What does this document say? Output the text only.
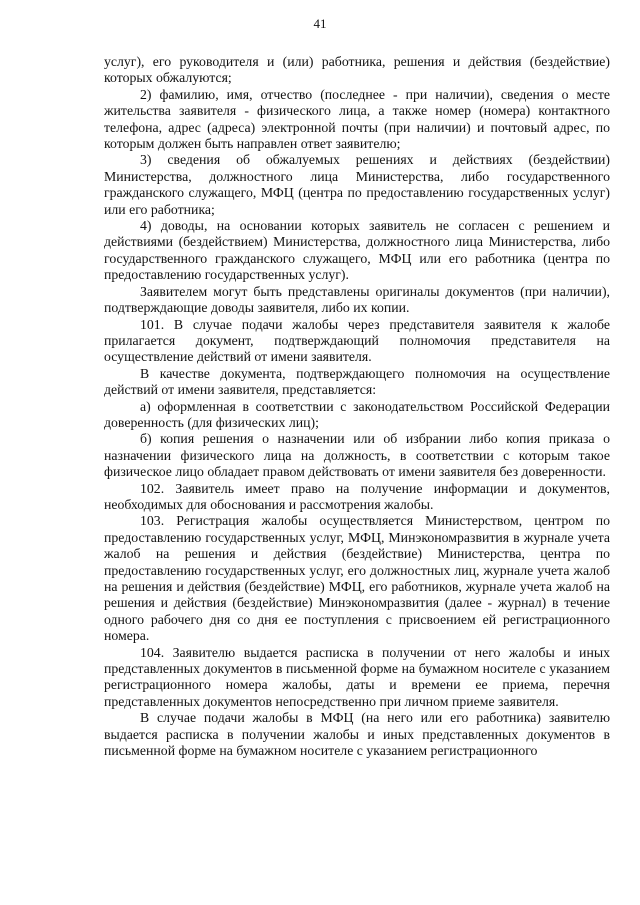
41

услуг), его руководителя и (или) работника, решения и действия (бездействие) которых обжалуются;

2) фамилию, имя, отчество (последнее - при наличии), сведения о месте жительства заявителя - физического лица, а также номер (номера) контактного телефона, адрес (адреса) электронной почты (при наличии) и почтовый адрес, по которым должен быть направлен ответ заявителю;

3) сведения об обжалуемых решениях и действиях (бездействии) Министерства, должностного лица Министерства, либо государственного гражданского служащего, МФЦ (центра по предоставлению государственных услуг) или его работника;

4) доводы, на основании которых заявитель не согласен с решением и действиями (бездействием) Министерства, должностного лица Министерства, либо государственного гражданского служащего, МФЦ или его работника (центра по предоставлению государственных услуг).

Заявителем могут быть представлены оригиналы документов (при наличии), подтверждающие доводы заявителя, либо их копии.

101. В случае подачи жалобы через представителя заявителя к жалобе прилагается документ, подтверждающий полномочия представителя на осуществление действий от имени заявителя.

В качестве документа, подтверждающего полномочия на осуществление действий от имени заявителя, представляется:

а) оформленная в соответствии с законодательством Российской Федерации доверенность (для физических лиц);

б) копия решения о назначении или об избрании либо копия приказа о назначении физического лица на должность, в соответствии с которым такое физическое лицо обладает правом действовать от имени заявителя без доверенности.

102. Заявитель имеет право на получение информации и документов, необходимых для обоснования и рассмотрения жалобы.

103. Регистрация жалобы осуществляется Министерством, центром по предоставлению государственных услуг, МФЦ, Минэкономразвития в журнале учета жалоб на решения и действия (бездействие) Министерства, центра по предоставлению государственных услуг, его должностных лиц, журнале учета жалоб на решения и действия (бездействие) МФЦ, его работников, журнале учета жалоб на решения и действия (бездействие) Минэкономразвития (далее - журнал) в течение одного рабочего дня со дня ее поступления с присвоением ей регистрационного номера.

104. Заявителю выдается расписка в получении от него жалобы и иных представленных документов в письменной форме на бумажном носителе с указанием регистрационного номера жалобы, даты и времени ее приема, перечня представленных документов непосредственно при личном приеме заявителя.

В случае подачи жалобы в МФЦ (на него или его работника) заявителю выдается расписка в получении жалобы и иных представленных документов в письменной форме на бумажном носителе с указанием регистрационного
